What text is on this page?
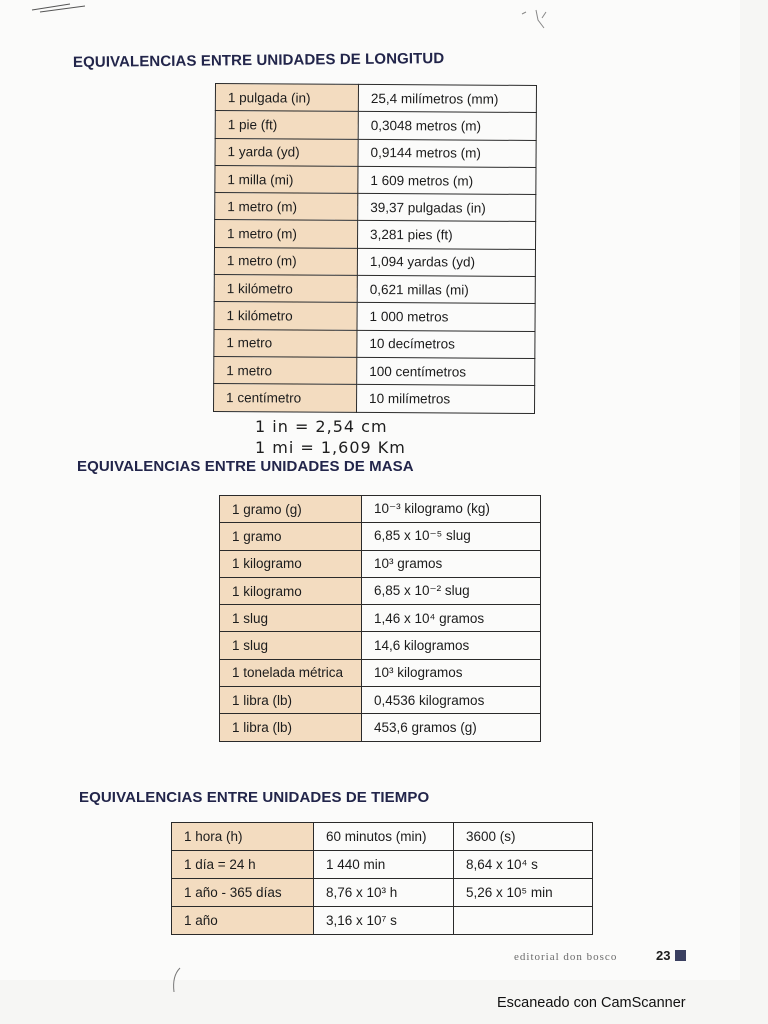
EQUIVALENCIAS ENTRE UNIDADES DE LONGITUD
1 pulgada (in)	25,4 milímetros (mm)
1 pie (ft)	0,3048 metros (m)
1 yarda (yd)	0,9144 metros (m)
1 milla (mi)	1 609 metros (m)
1 metro (m)	39,37 pulgadas (in)
1 metro (m)	3,281 pies (ft)
1 metro (m)	1,094 yardas (yd)
1 kilómetro	0,621 millas (mi)
1 kilómetro	1 000 metros
1 metro	10 decímetros
1 metro	100 centímetros
1 centímetro	10 milímetros
1 in = 2,54 cm
1 mi = 1,609 Km
EQUIVALENCIAS ENTRE UNIDADES DE MASA
1 gramo (g)	10⁻³ kilogramo (kg)
1 gramo	6,85 x 10⁻⁵ slug
1 kilogramo	10³ gramos
1 kilogramo	6,85 x 10⁻² slug
1 slug	1,46 x 10⁴ gramos
1 slug	14,6 kilogramos
1 tonelada métrica	10³ kilogramos
1 libra (lb)	0,4536 kilogramos
1 libra (lb)	453,6 gramos (g)
EQUIVALENCIAS ENTRE UNIDADES DE TIEMPO
1 hora (h)	60 minutos (min)	3600 (s)
1 día = 24 h	1 440 min	8,64 x 10⁴ s
1 año - 365 días	8,76 x 10³ h	5,26 x 10⁵ min
1 año	3,16 x 10⁷ s	
editorial don bosco	23
Escaneado con CamScanner
